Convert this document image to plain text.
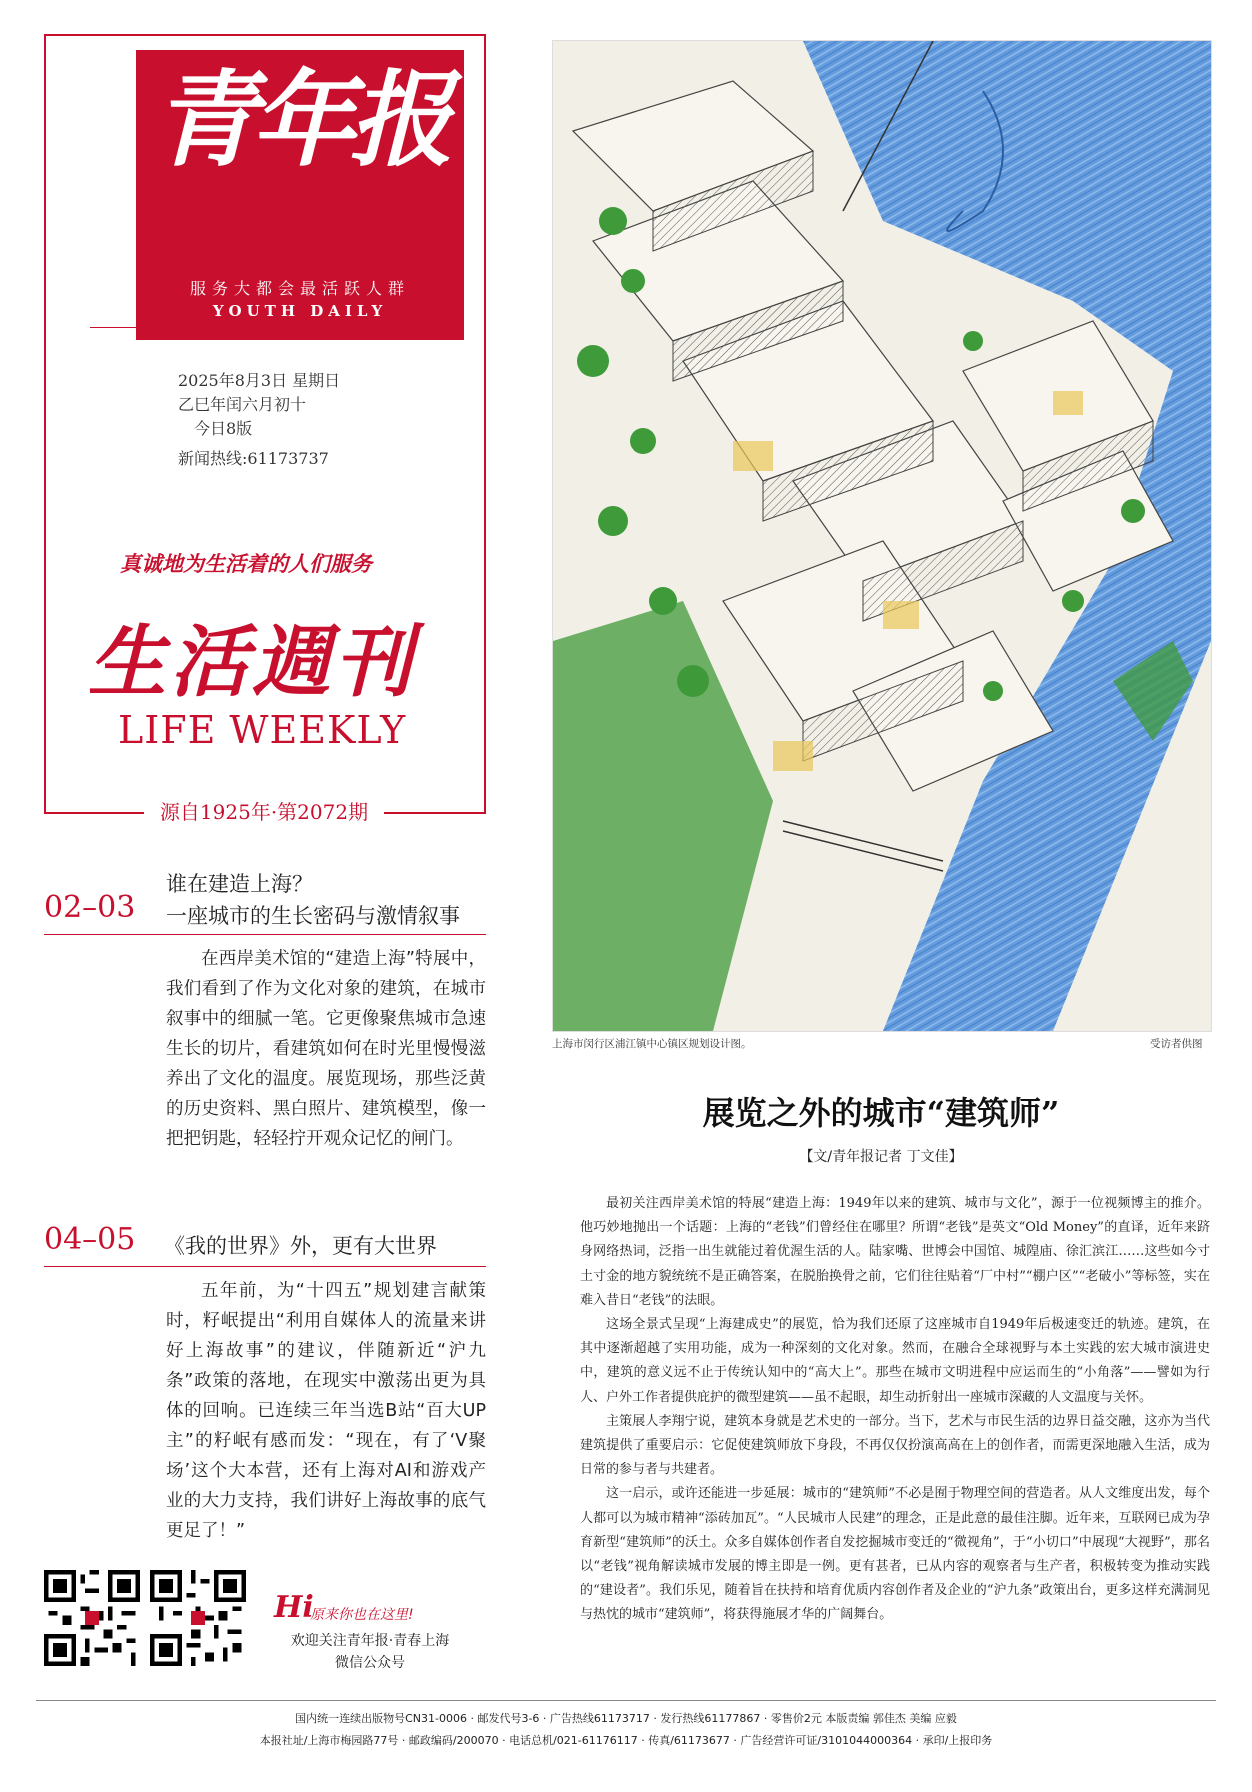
青年报
服务大都会最活跃人群
YOUTH DAILY
总第13383期
2025年8月3日 星期日
乙巳年闰六月初十
今日8版
新闻热线:61173737
真诚地为生活着的人们服务
生活週刊
LIFE WEEKLY
源自1925年·第2072期
02–03
谁在建造上海？
一座城市的生长密码与激情叙事
在西岸美术馆的“建造上海”特展中，我们看到了作为文化对象的建筑，在城市叙事中的细腻一笔。它更像聚焦城市急速生长的切片，看建筑如何在时光里慢慢滋养出了文化的温度。展览现场，那些泛黄的历史资料、黑白照片、建筑模型，像一把把钥匙，轻轻拧开观众记忆的闸门。
04–05 《我的世界》外，更有大世界
五年前，为“十四五”规划建言献策时，籽岷提出“利用自媒体人的流量来讲好上海故事”的建议，伴随新近“沪九条”政策的落地，在现实中激荡出更为具体的回响。已连续三年当选B站“百大UP主”的籽岷有感而发：“现在，有了‘V聚场’这个大本营，还有上海对AI和游戏产业的大力支持，我们讲好上海故事的底气更足了！”
上海市闵行区浦江镇中心镇区规划设计图。	受访者供图
展览之外的城市“建筑师”
【文/青年报记者 丁文佳】

最初关注西岸美术馆的特展“建造上海：1949年以来的建筑、城市与文化”，源于一位视频博主的推介。他巧妙地抛出一个话题：上海的“老钱”们曾经住在哪里？所谓“老钱”是英文“Old Money”的直译，近年来跻身网络热词，泛指一出生就能过着优渥生活的人。陆家嘴、世博会中国馆、城隍庙、徐汇滨江……这些如今寸土寸金的地方貌统统不是正确答案，在脱胎换骨之前，它们往往贴着“厂中村”“棚户区”“老破小”等标签，实在难入昔日“老钱”的法眼。

这场全景式呈现“上海建成史”的展览，恰为我们还原了这座城市自1949年后极速变迁的轨迹。建筑，在其中逐渐超越了实用功能，成为一种深刻的文化对象。然而，在融合全球视野与本土实践的宏大城市演进史中，建筑的意义远不止于传统认知中的“高大上”。那些在城市文明进程中应运而生的“小角落”——譬如为行人、户外工作者提供庇护的微型建筑——虽不起眼，却生动折射出一座城市深藏的人文温度与关怀。

主策展人李翔宁说，建筑本身就是艺术史的一部分。当下，艺术与市民生活的边界日益交融，这亦为当代建筑提供了重要启示：它促使建筑师放下身段，不再仅仅扮演高高在上的创作者，而需更深地融入生活，成为日常的参与者与共建者。

这一启示，或许还能进一步延展：城市的“建筑师”不必是囿于物理空间的营造者。从人文维度出发，每个人都可以为城市精神“添砖加瓦”。“人民城市人民建”的理念，正是此意的最佳注脚。近年来，互联网已成为孕育新型“建筑师”的沃土。众多自媒体创作者自发挖掘城市变迁的“微视角”，于“小切口”中展现“大视野”，那名以“老钱”视角解读城市发展的博主即是一例。更有甚者，已从内容的观察者与生产者，积极转变为推动实践的“建设者”。我们乐见，随着旨在扶持和培育优质内容创作者及企业的“沪九条”政策出台，更多这样充满洞见与热忱的城市“建筑师”，将获得施展才华的广阔舞台。

Hi
原来你也在这里!
欢迎关注青年报·青春上海
微信公众号
国内统一连续出版物号CN31-0006 · 邮发代号3-6 · 广告热线61173717 · 发行热线61177867 · 零售价2元 本版责编 郭佳杰 美编 应毅
本报社址/上海市梅园路77号 · 邮政编码/200070 · 电话总机/021-61176117 · 传真/61173677 · 广告经营许可证/3101044000364 · 承印/上报印务
